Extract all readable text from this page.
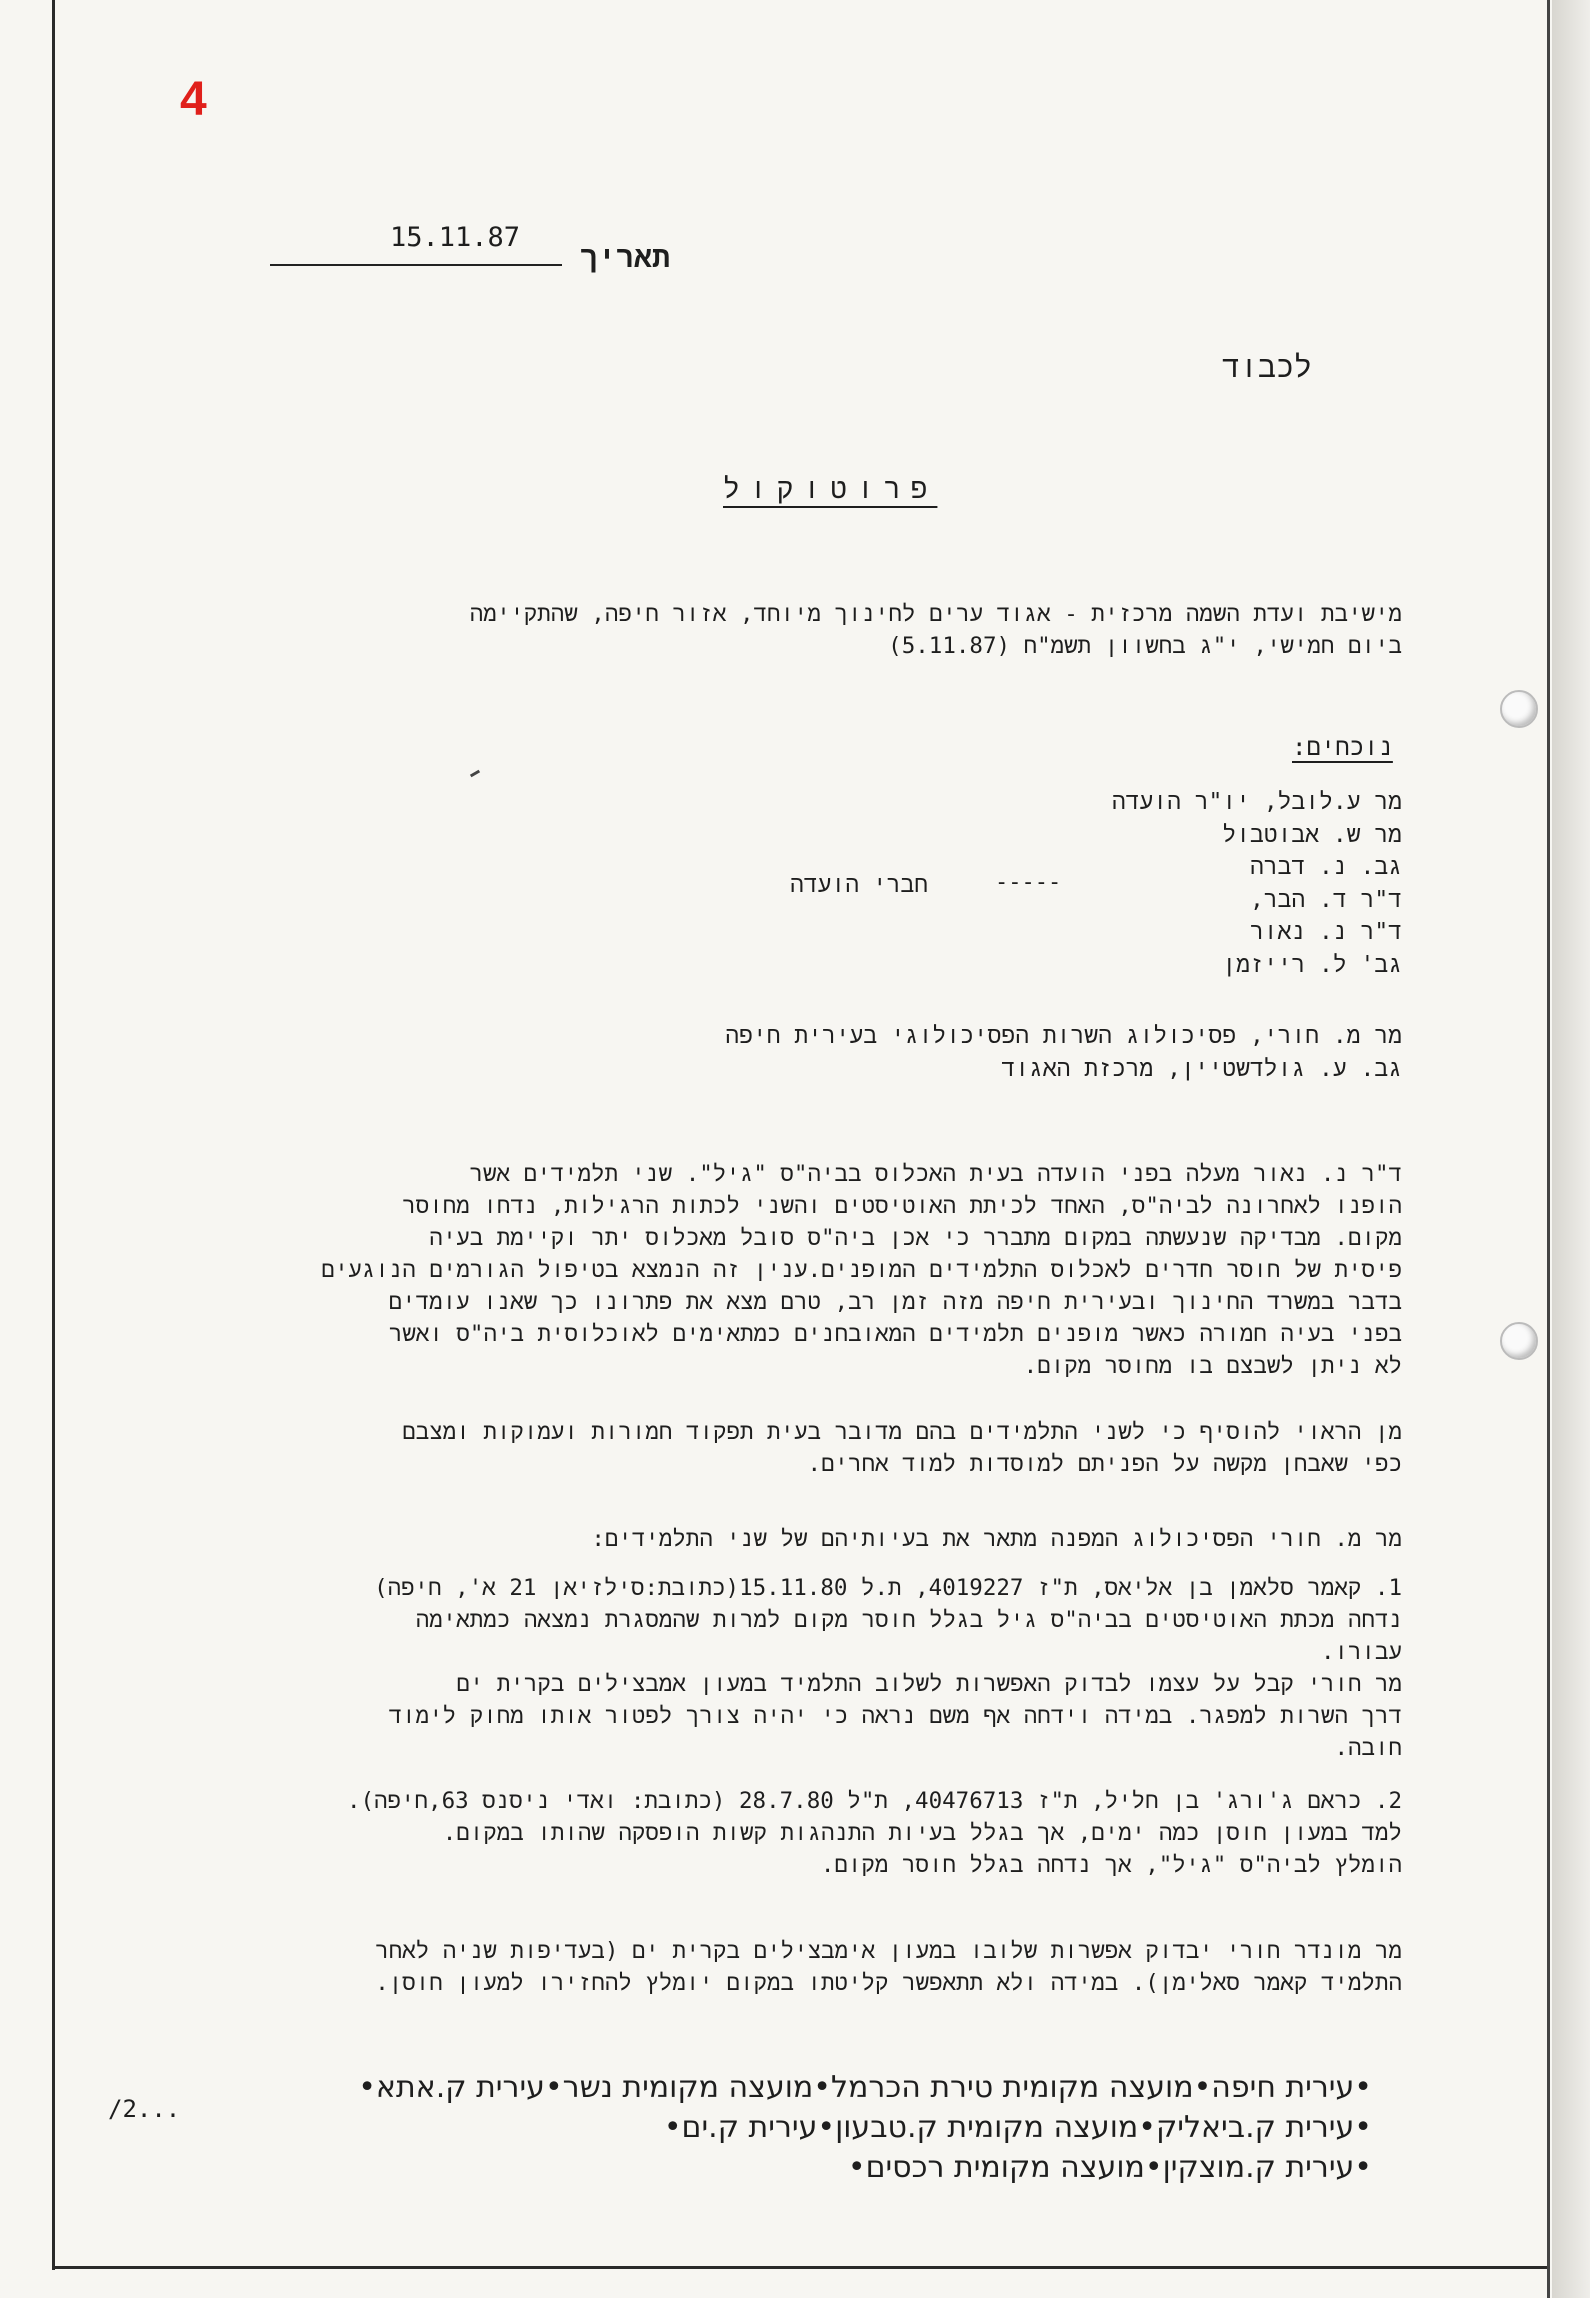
4
תאריך
15.11.87
לכבוד
פרוטוקול
מישיבת ועדת השמה מרכזית - אגוד ערים לחינוך מיוחד, אזור חיפה, שהתקיימה
ביום חמישי, י"ג בחשוון תשמ"ח (5.11.87)
נוכחים:
מר ע.לובל, יו"ר הועדה
מר ש. אבוטבול
גב. נ. דברה
ד"ר ד. הבר,
ד"ר נ. נאור
גב' ל. רייזמן
-----
חברי הועדה
מר מ. חורי, פסיכולוג השרות הפסיכולוגי בעירית חיפה
גב. ע. גולדשטיין, מרכזת האגוד
ד"ר נ. נאור מעלה בפני הועדה בעית האכלוס בביה"ס "גיל". שני תלמידים אשר
הופנו לאחרונה לביה"ס, האחד לכיתת האוטיסטים והשני לכתות הרגילות, נדחו מחוסר
מקום. מבדיקה שנעשתה במקום מתברר כי אכן ביה"ס סובל מאכלוס יתר וקיימת בעיה
פיסית של חוסר חדרים לאכלוס התלמידים המופנים.ענין זה הנמצא בטיפול הגורמים הנוגעים
בדבר במשרד החינוך ובעירית חיפה מזה זמן רב, טרם מצא את פתרונו כך שאנו עומדים
בפני בעיה חמורה כאשר מופנים תלמידים המאובחנים כמתאימים לאוכלוסית ביה"ס ואשר
לא ניתן לשבצם בו מחוסר מקום.
מן הראוי להוסיף כי לשני התלמידים בהם מדובר בעית תפקוד חמורות ועמוקות ומצבם
כפי שאבחן מקשה על הפניתם למוסדות למוד אחרים.
מר מ. חורי הפסיכולוג המפנה מתאר את בעיותיהם של שני התלמידים:
1. קאמר סלאמן בן אליאס, ת"ז 4019227, ת.ל 15.11.80(כתובת:סילזיאן 21 א', חיפה)
נדחה מכתת האוטיסטים בביה"ס גיל בגלל חוסר מקום למרות שהמסגרת נמצאה כמתאימה
עבורו.
מר חורי קבל על עצמו לבדוק האפשרות לשלוב התלמיד במעון אמבצילים בקרית ים
דרך השרות למפגר. במידה וידחה אף משם נראה כי יהיה צורך לפטור אותו מחוק לימוד
חובה.
2. כראם ג'ורג' בן חליל, ת"ז 40476713, ת"ל 28.7.80 (כתובת: ואדי ניסנס 63,חיפה).
למד במעון חוסן כמה ימים, אך בגלל בעיות התנהגות קשות הופסקה שהותו במקום.
הומלץ לביה"ס "גיל", אך נדחה בגלל חוסר מקום.
מר מונדר חורי יבדוק אפשרות שלובו במעון אימבצילים בקרית ים (בעדיפות שניה לאחר
התלמיד קאמר סאלימן). במידה ולא תתאפשר קליטתו במקום יומלץ להחזירו למעון חוסן.
/2...
•עירית חיפה•מועצה מקומית טירת הכרמל•מועצה מקומית נשר•עירית ק.אתא•
•עירית ק.ביאליק•מועצה מקומית ק.טבעון•עירית ק.ים•
•עירית ק.מוצקין•מועצה מקומית רכסים•
